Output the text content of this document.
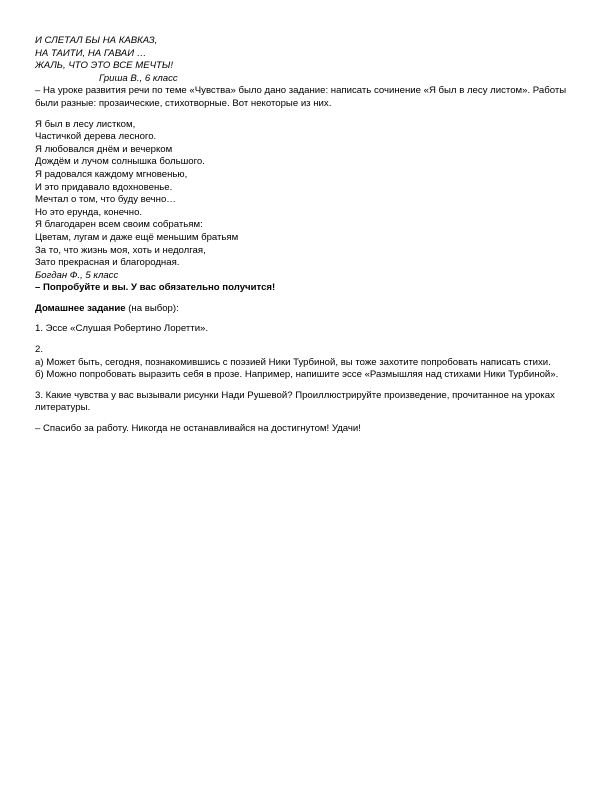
И СЛЕТАЛ БЫ НА КАВКАЗ,

НА ТАИТИ, НА ГАВАИ …

ЖАЛЬ, ЧТО ЭТО ВСЕ МЕЧТЫ!

Гриша В., 6 класс

– На уроке развития речи по теме «Чувства» было дано задание: написать сочинение «Я был в лесу листом». Работы были разные: прозаические, стихотворные. Вот некоторые из них.

Я был в лесу листком,

Частичкой дерева лесного.

Я любовался днём и вечерком

Дождём и лучом солнышка большого.

Я радовался каждому мгновенью,

И это придавало вдохновенье.

Мечтал о том, что буду вечно…

Но это ерунда, конечно.

Я благодарен всем своим собратьям:

Цветам, лугам и даже ещё меньшим братьям

За то, что жизнь моя, хоть и недолгая,

Зато прекрасная и благородная.

Богдан Ф., 5 класс

– Попробуйте и вы. У вас обязательно получится!

Домашнее задание (на выбор):

1. Эссе «Слушая Робертино Лоретти».

2.

а) Может быть, сегодня, познакомившись с поэзией Ники Турбиной, вы тоже захотите попробовать написать стихи.

б) Можно попробовать выразить себя в прозе. Например, напишите эссе «Размышляя над стихами Ники Турбиной».

3. Какие чувства у вас вызывали рисунки Нади Рушевой? Проиллюстрируйте произведение, прочитанное на уроках литературы.

– Спасибо за работу. Никогда не останавливайся на достигнутом! Удачи!
